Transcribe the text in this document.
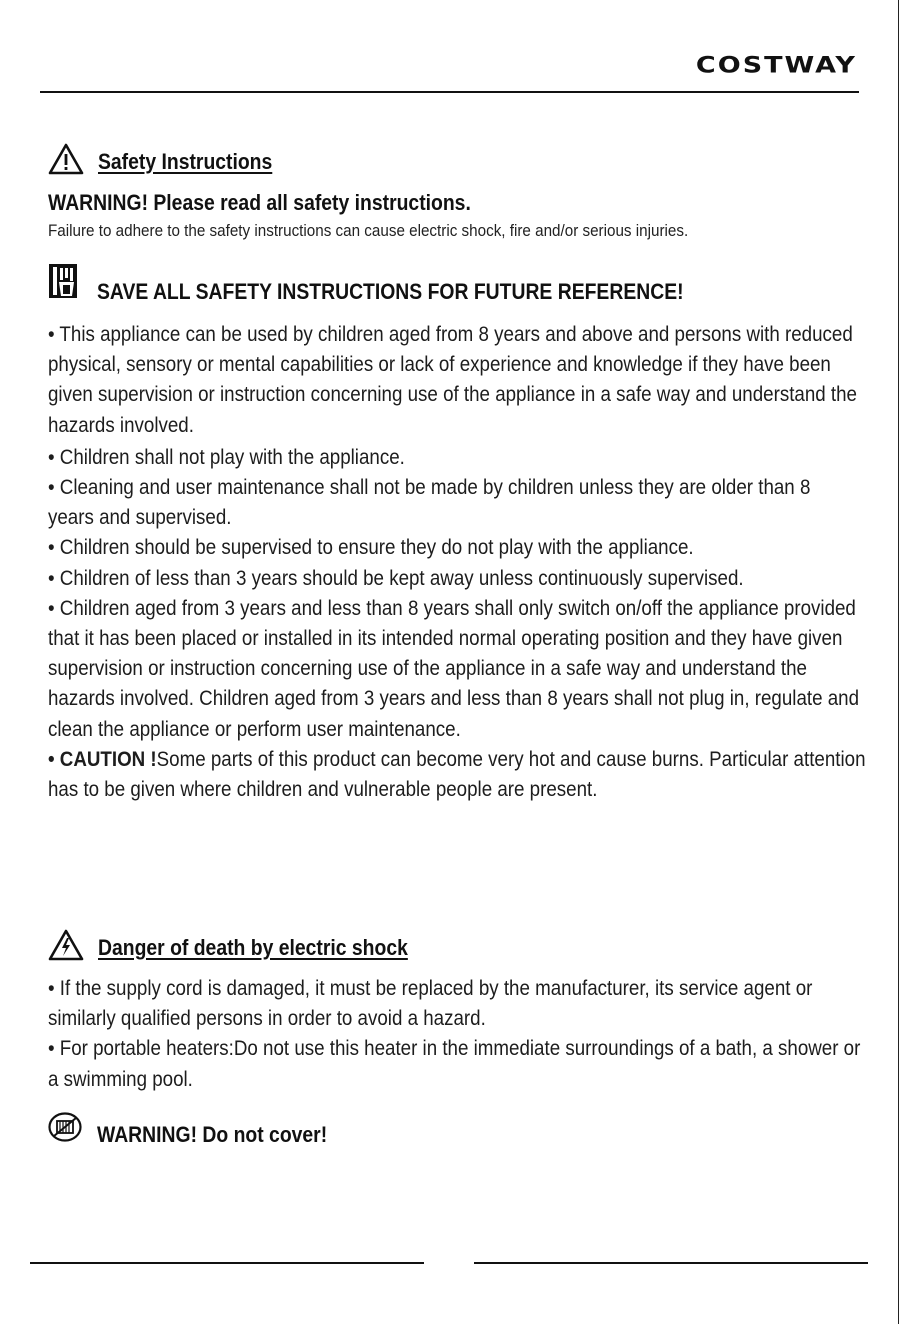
COSTWAY
Safety Instructions
WARNING! Please read all safety instructions.
Failure to adhere to the safety instructions can cause electric shock, fire and/or serious injuries.
SAVE ALL SAFETY INSTRUCTIONS FOR FUTURE REFERENCE!

• This appliance can be used by children aged from 8 years and above and persons with reduced physical, sensory or mental capabilities or lack of experience and knowledge if they have been given supervision or instruction concerning use of the appliance in a safe way and understand the hazards involved.

• Children shall not play with the appliance.

• Cleaning and user maintenance shall not be made by children unless they are older than 8 years and supervised.

• Children should be supervised to ensure they do not play with the appliance.

• Children of less than 3 years should be kept away unless continuously supervised.

• Children aged from 3 years and less than 8 years shall only switch on/off the appliance provided that it has been placed or installed in its intended normal operating position and they have given supervision or instruction concerning use of the appliance in a safe way and understand the hazards involved. Children aged from 3 years and less than 8 years shall not plug in, regulate and clean the appliance or perform user maintenance.

• CAUTION !Some parts of this product can become very hot and cause burns. Particular attention has to be given where children and vulnerable people are present.

Danger of death by electric shock

• If the supply cord is damaged, it must be replaced by the manufacturer, its service agent or similarly qualified persons in order to avoid a hazard.

• For portable heaters:Do not use this heater in the immediate surroundings of a bath, a shower or a swimming pool.

WARNING! Do not cover!
